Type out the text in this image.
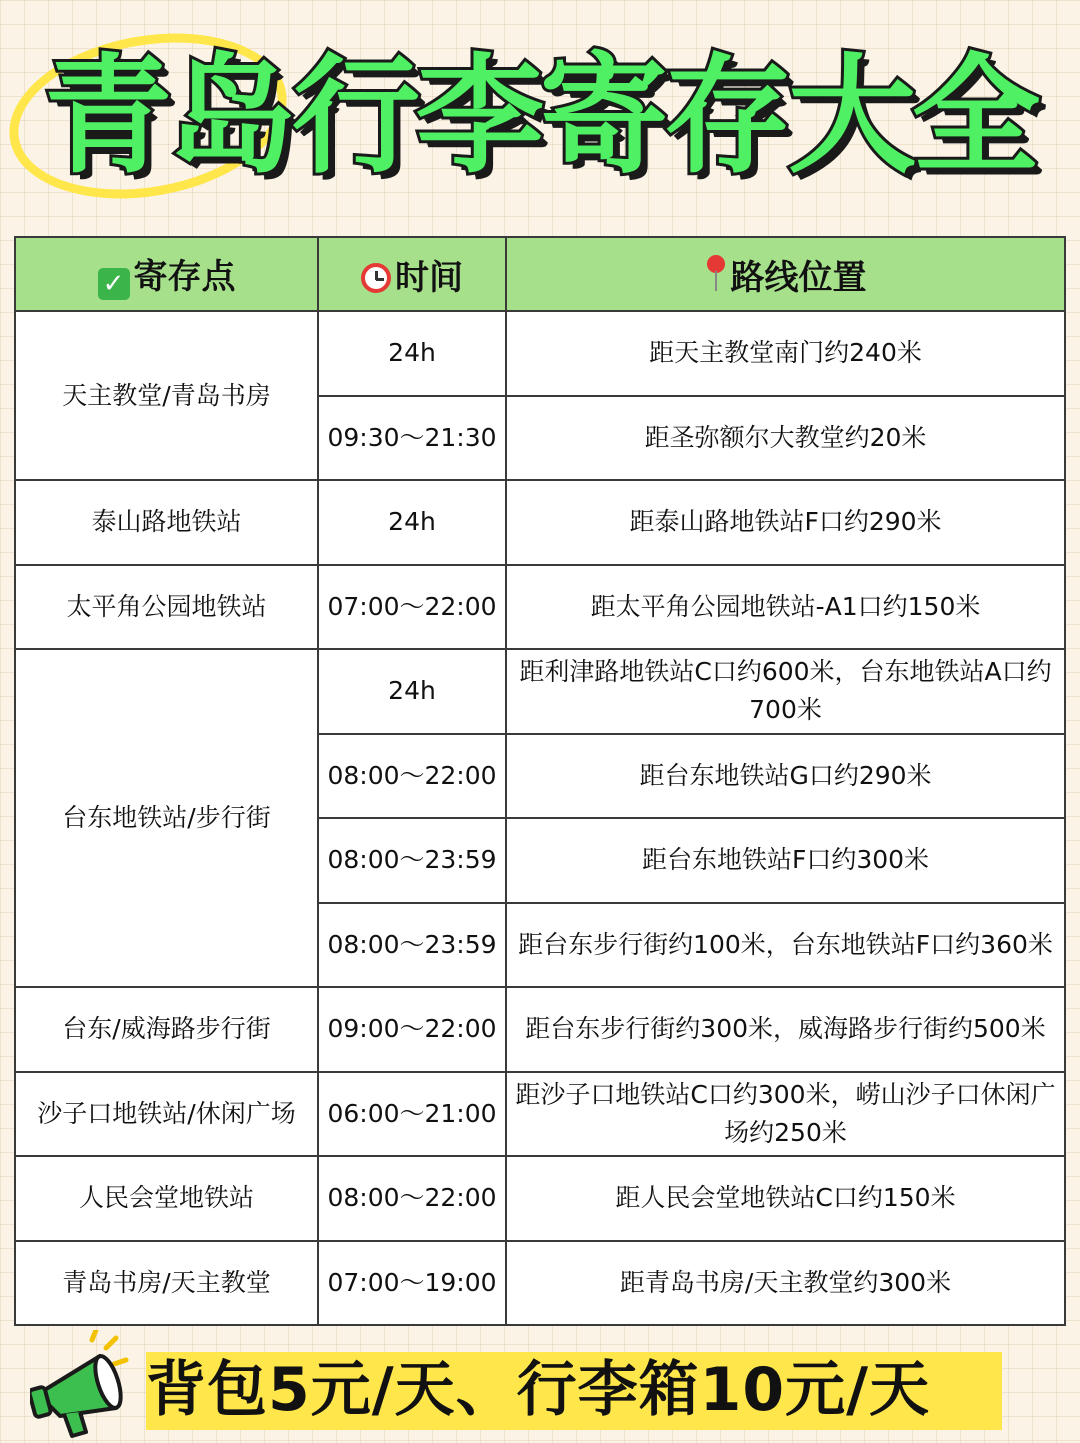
青岛行李寄存大全
✓ 寄存点	时间	路线位置
天主教堂/青岛书房	24h	距天主教堂南门约240米
	09:30～21:30	距圣弥额尔大教堂约20米
泰山路地铁站	24h	距泰山路地铁站F口约290米
太平角公园地铁站	07:00～22:00	距太平角公园地铁站-A1口约150米
台东地铁站/步行街	24h	距利津路地铁站C口约600米，台东地铁站A口约700米
	08:00～22:00	距台东地铁站G口约290米
	08:00～23:59	距台东地铁站F口约300米
	08:00～23:59	距台东步行街约100米，台东地铁站F口约360米
台东/威海路步行街	09:00～22:00	距台东步行街约300米，威海路步行街约500米
沙子口地铁站/休闲广场	06:00～21:00	距沙子口地铁站C口约300米，崂山沙子口休闲广场约250米
人民会堂地铁站	08:00～22:00	距人民会堂地铁站C口约150米
青岛书房/天主教堂	07:00～19:00	距青岛书房/天主教堂约300米
背包5元/天、行李箱10元/天
